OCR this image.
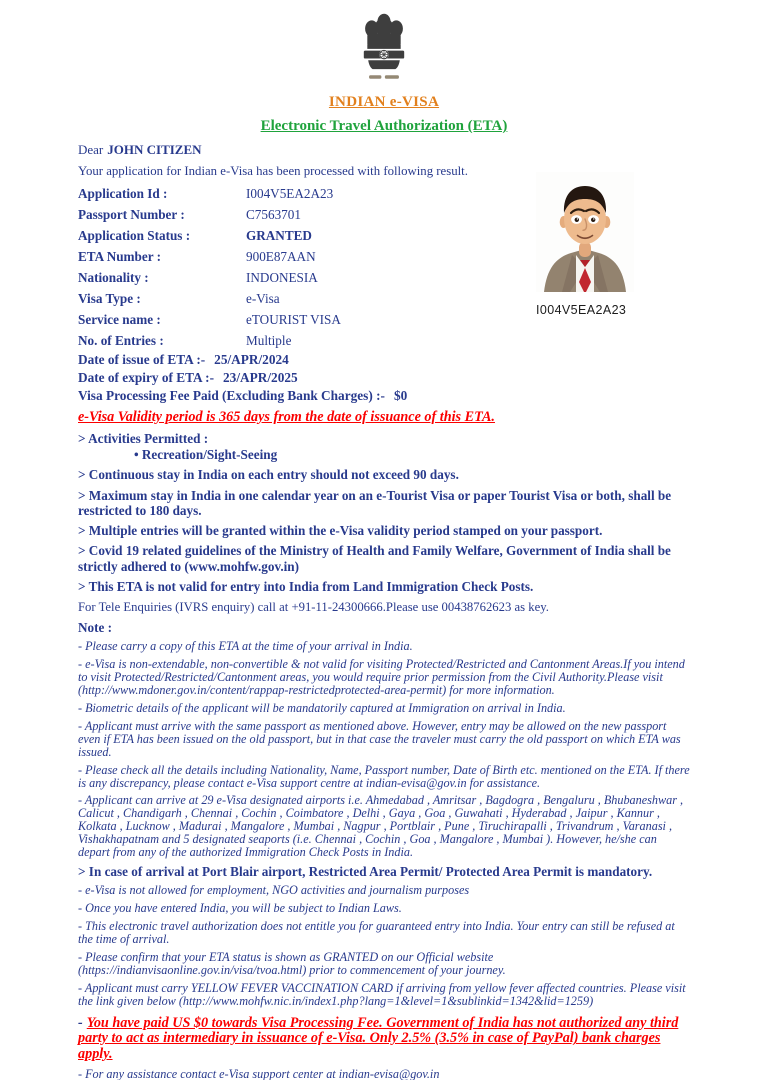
INDIAN e-VISA
Electronic Travel Authorization (ETA)
Dear JOHN CITIZEN
Your application for Indian e-Visa has been processed with following result.
Application Id :	I004V5EA2A23
Passport Number :	C7563701
Application Status :	GRANTED
ETA Number :	900E87AAN
Nationality :	INDONESIA
Visa Type :	e-Visa
Service name :	eTOURIST VISA
No. of Entries :	Multiple
Date of issue of ETA :- 25/APR/2024
Date of expiry of ETA :- 23/APR/2025
Visa Processing Fee Paid (Excluding Bank Charges) :- $0
e-Visa Validity period is 365 days from the date of issuance of this ETA.
> Activities Permitted :
• Recreation/Sight-Seeing
> Continuous stay in India on each entry should not exceed 90 days.
> Maximum stay in India in one calendar year on an e-Tourist Visa or paper Tourist Visa or both, shall be restricted to 180 days.
> Multiple entries will be granted within the e-Visa validity period stamped on your passport.
> Covid 19 related guidelines of the Ministry of Health and Family Welfare, Government of India shall be strictly adhered to (www.mohfw.gov.in)
> This ETA is not valid for entry into India from Land Immigration Check Posts.
For Tele Enquiries (IVRS enquiry) call at +91-11-24300666.Please use 00438762623 as key.
Note :
- Please carry a copy of this ETA at the time of your arrival in India.
- e-Visa is non-extendable, non-convertible & not valid for visiting Protected/Restricted and Cantonment Areas.If you intend to visit Protected/Restricted/Cantonment areas, you would require prior permission from the Civil Authority.Please visit (http://www.mdoner.gov.in/content/rappap-restrictedprotected-area-permit) for more information.
- Biometric details of the applicant will be mandatorily captured at Immigration on arrival in India.
- Applicant must arrive with the same passport as mentioned above. However, entry may be allowed on the new passport even if ETA has been issued on the old passport, but in that case the traveler must carry the old passport on which ETA was issued.
- Please check all the details including Nationality, Name, Passport number, Date of Birth etc. mentioned on the ETA. If there is any discrepancy, please contact e-Visa support centre at indian-evisa@gov.in for assistance.
- Applicant can arrive at 29 e-Visa designated airports i.e. Ahmedabad , Amritsar , Bagdogra , Bengaluru , Bhubaneshwar , Calicut , Chandigarh , Chennai , Cochin , Coimbatore , Delhi , Gaya , Goa , Guwahati , Hyderabad , Jaipur , Kannur , Kolkata , Lucknow , Madurai , Mangalore , Mumbai , Nagpur , Portblair , Pune , Tiruchirapalli , Trivandrum , Varanasi , Vishakhapatnam and 5 designated seaports (i.e. Chennai , Cochin , Goa , Mangalore , Mumbai ). However, he/she can depart from any of the authorized Immigration Check Posts in India.
> In case of arrival at Port Blair airport, Restricted Area Permit/ Protected Area Permit is mandatory.
- e-Visa is not allowed for employment, NGO activities and journalism purposes
- Once you have entered India, you will be subject to Indian Laws.
- This electronic travel authorization does not entitle you for guaranteed entry into India. Your entry can still be refused at the time of arrival.
- Please confirm that your ETA status is shown as GRANTED on our Official website (https://indianvisaonline.gov.in/visa/tvoa.html) prior to commencement of your journey.
- Applicant must carry YELLOW FEVER VACCINATION CARD if arriving from yellow fever affected countries. Please visit the link given below (http://www.mohfw.nic.in/index1.php?lang=1&level=1&sublinkid=1342&lid=1259)
- You have paid US $0 towards Visa Processing Fee. Government of India has not authorized any third party to act as intermediary in issuance of e-Visa. Only 2.5% (3.5% in case of PayPal) bank charges apply.
- For any assistance contact e-Visa support center at indian-evisa@gov.in
I004V5EA2A23
